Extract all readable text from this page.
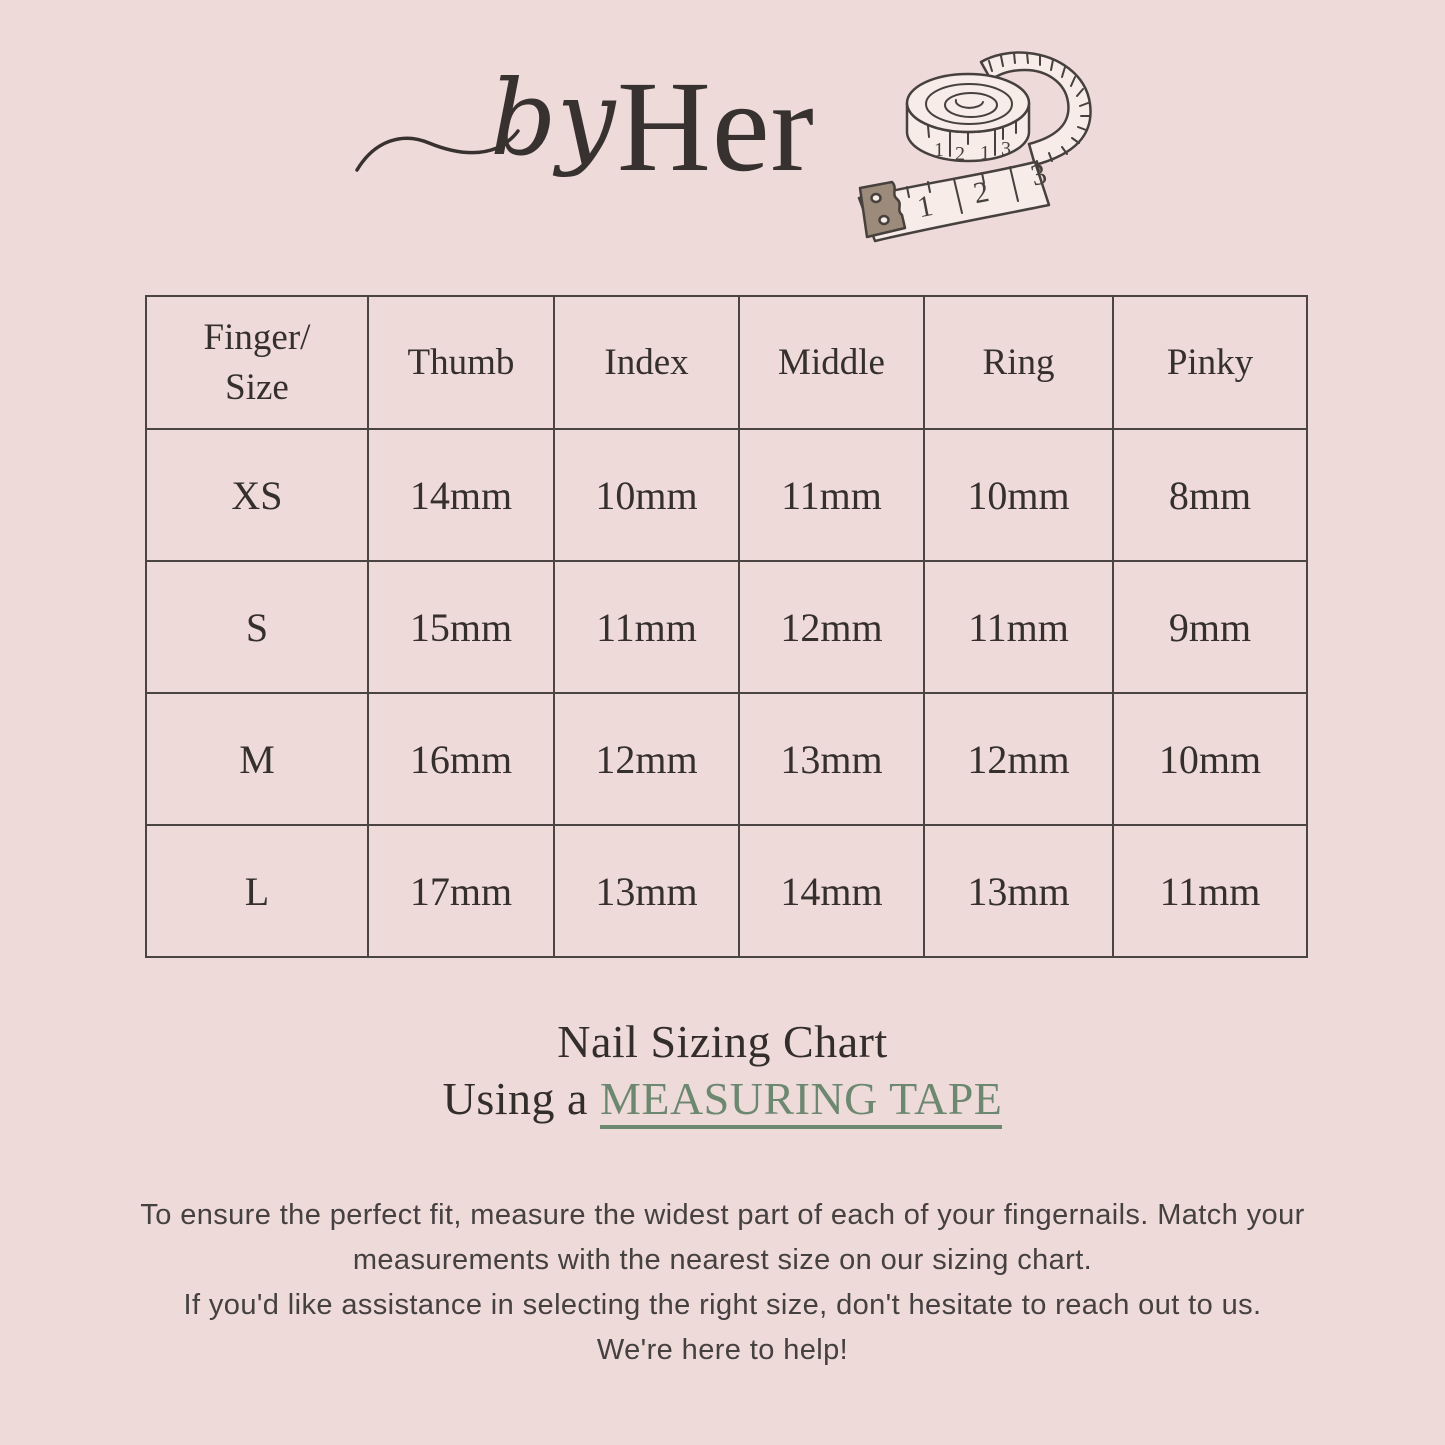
by Her	1 2 1 3
1 2
3
Finger/ Size	Thumb	Index	Middle	Ring	Pinky
XS	14mm	10mm	11mm	10mm	8mm
S	15mm	11mm	12mm	11mm	9mm
M	16mm	12mm	13mm	12mm	10mm
L	17mm	13mm	14mm	13mm	11mm
Nail Sizing Chart
Using a MEASURING TAPE
To ensure the perfect fit, measure the widest part of each of your fingernails. Match your
measurements with the nearest size on our sizing chart.
If you'd like assistance in selecting the right size, don't hesitate to reach out to us.
We're here to help!
